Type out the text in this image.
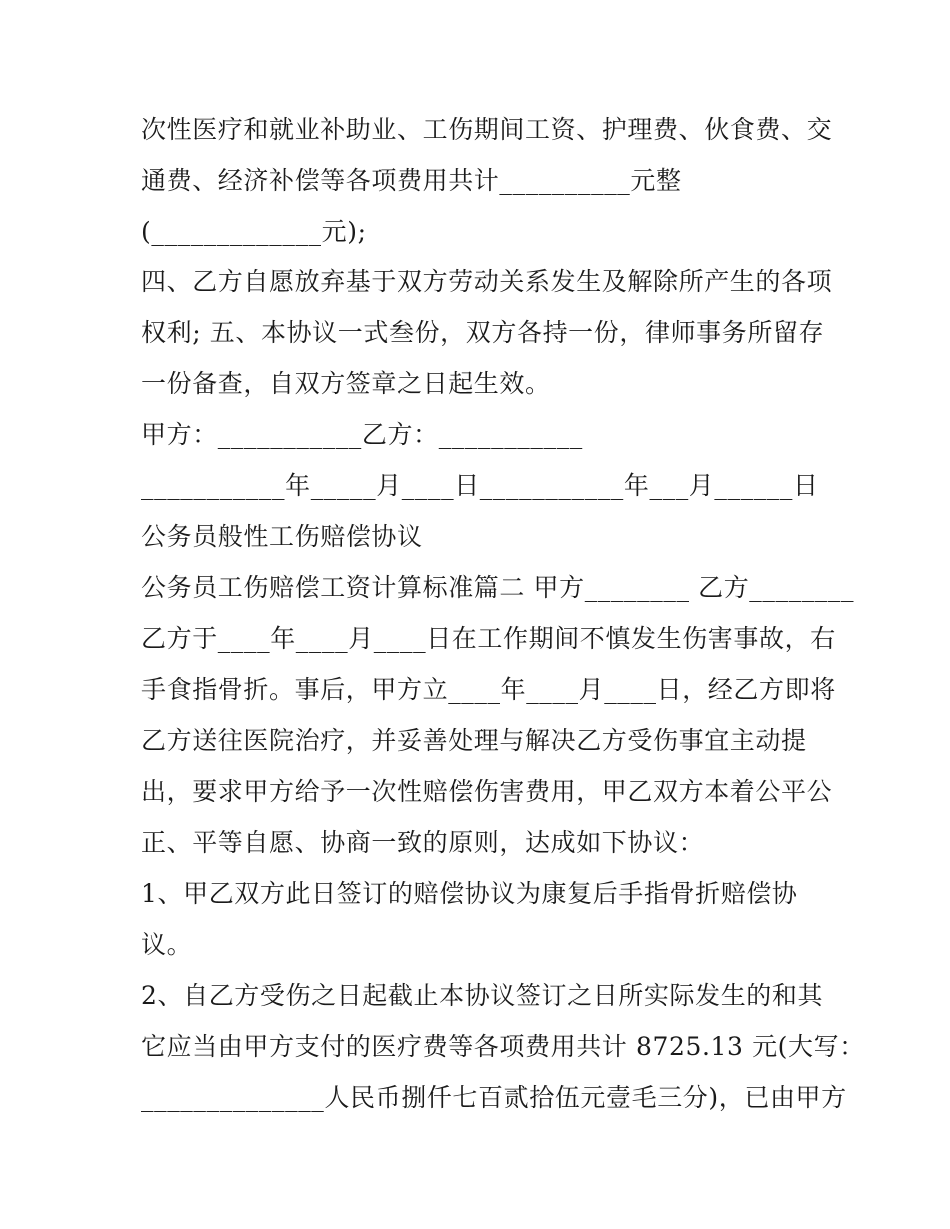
次性医疗和就业补助业、工伤期间工资、护理费、伙食费、交
通费、经济补偿等各项费用共计__________元整
(_____________元);
四、乙方自愿放弃基于双方劳动关系发生及解除所产生的各项
权利; 五、本协议一式叁份，双方各持一份，律师事务所留存
一份备查，自双方签章之日起生效。
甲方：___________乙方：___________
___________年_____月____日___________年___月______日
公务员般性工伤赔偿协议
公务员工伤赔偿工资计算标准篇二 甲方________ 乙方________
乙方于____年____月____日在工作期间不慎发生伤害事故，右
手食指骨折。事后，甲方立____年____月____日，经乙方即将
乙方送往医院治疗，并妥善处理与解决乙方受伤事宜主动提
出，要求甲方给予一次性赔偿伤害费用，甲乙双方本着公平公
正、平等自愿、协商一致的原则，达成如下协议：
1、甲乙双方此日签订的赔偿协议为康复后手指骨折赔偿协
议。
2、自乙方受伤之日起截止本协议签订之日所实际发生的和其
它应当由甲方支付的医疗费等各项费用共计 8725.13 元(大写：
______________人民币捌仟七百贰拾伍元壹毛三分)，已由甲方
